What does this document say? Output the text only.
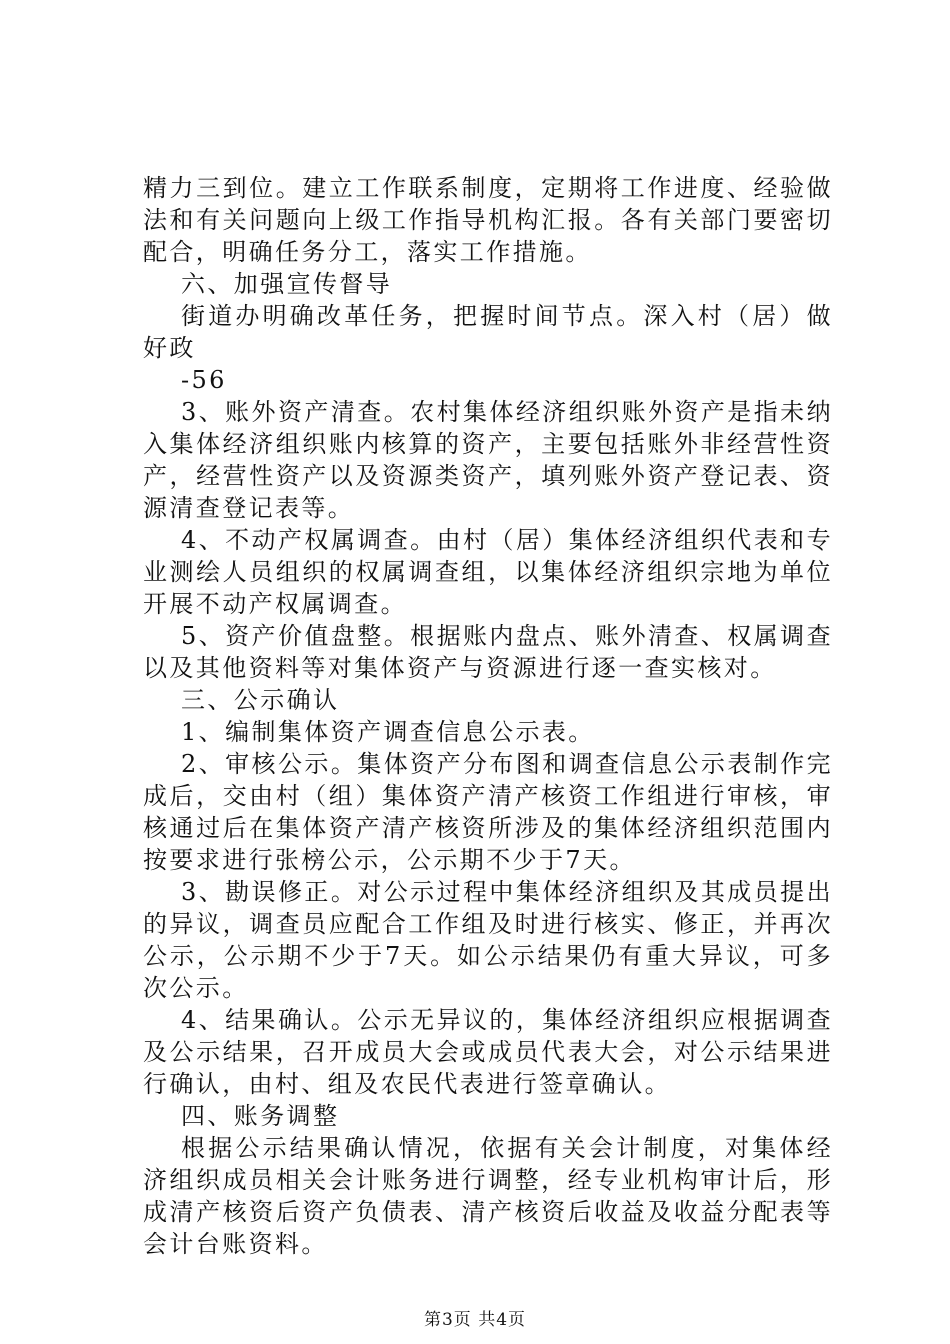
精力三到位。建立工作联系制度，定期将工作进度、经验做法和有关问题向上级工作指导机构汇报。各有关部门要密切配合，明确任务分工，落实工作措施。

六、加强宣传督导

街道办明确改革任务，把握时间节点。深入村（居）做好政

-56

3、账外资产清查。农村集体经济组织账外资产是指未纳入集体经济组织账内核算的资产，主要包括账外非经营性资产，经营性资产以及资源类资产，填列账外资产登记表、资源清查登记表等。

4、不动产权属调查。由村（居）集体经济组织代表和专业测绘人员组织的权属调查组，以集体经济组织宗地为单位开展不动产权属调查。

5、资产价值盘整。根据账内盘点、账外清查、权属调查以及其他资料等对集体资产与资源进行逐一查实核对。

三、公示确认

1、编制集体资产调查信息公示表。

2、审核公示。集体资产分布图和调查信息公示表制作完成后，交由村（组）集体资产清产核资工作组进行审核，审核通过后在集体资产清产核资所涉及的集体经济组织范围内按要求进行张榜公示，公示期不少于7天。

3、勘误修正。对公示过程中集体经济组织及其成员提出的异议，调查员应配合工作组及时进行核实、修正，并再次公示，公示期不少于7天。如公示结果仍有重大异议，可多次公示。

4、结果确认。公示无异议的，集体经济组织应根据调查及公示结果，召开成员大会或成员代表大会，对公示结果进行确认，由村、组及农民代表进行签章确认。

四、账务调整

根据公示结果确认情况，依据有关会计制度，对集体经济组织成员相关会计账务进行调整，经专业机构审计后，形成清产核资后资产负债表、清产核资后收益及收益分配表等会计台账资料。

第3页 共4页
